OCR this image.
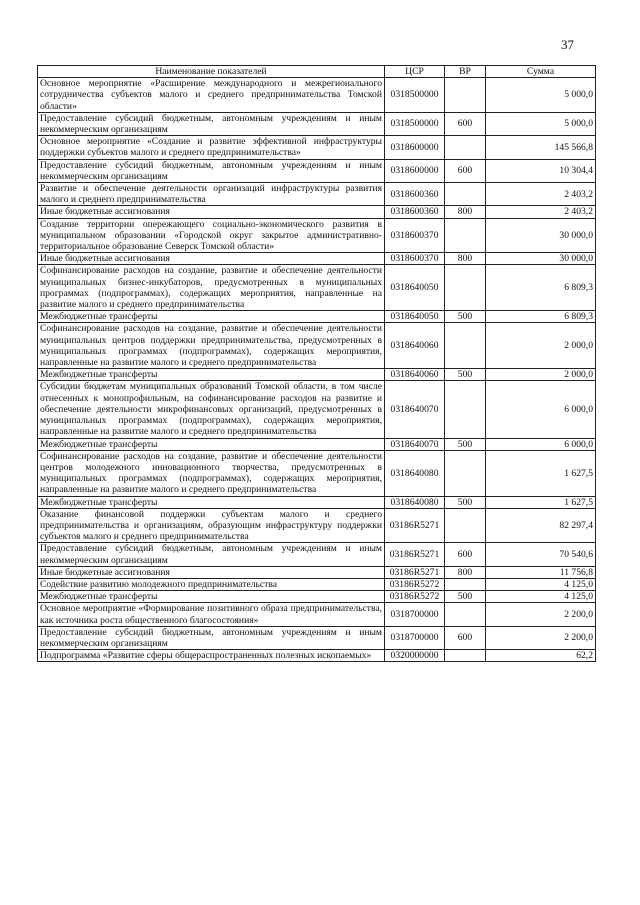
37
Наименование показателей	ЦСР	ВР	Сумма
Основное мероприятие «Расширение международного и межрегионального сотрудничества субъектов малого и среднего предпринимательства Томской области»	0318500000		5 000,0
Предоставление субсидий бюджетным, автономным учреждениям и иным некоммерческим организациям	0318500000	600	5 000,0
Основное мероприятие «Создание и развитие эффективной инфраструктуры поддержки субъектов малого и среднего предпринимательства»	0318600000		145 566,8
Предоставление субсидий бюджетным, автономным учреждениям и иным некоммерческим организациям	0318600000	600	10 304,4
Развитие и обеспечение деятельности организаций инфраструктуры развития малого и среднего предпринимательства	0318600360		2 403,2
Иные бюджетные ассигнования	0318600360	800	2 403,2
Создание территории опережающего социально-экономического развития в муниципальном образовании «Городской округ закрытое административно-территориальное образование Северск Томской области»	0318600370		30 000,0
Иные бюджетные ассигнования	0318600370	800	30 000,0
Софинансирование расходов на создание, развитие и обеспечение деятельности муниципальных бизнес-инкубаторов, предусмотренных в муниципальных программах (подпрограммах), содержащих мероприятия, направленные на развитие малого и среднего предпринимательства	0318640050		6 809,3
Межбюджетные трансферты	0318640050	500	6 809,3
Софинансирование расходов на создание, развитие и обеспечение деятельности муниципальных центров поддержки предпринимательства, предусмотренных в муниципальных программах (подпрограммах), содержащих мероприятия, направленные на развитие малого и среднего предпринимательства	0318640060		2 000,0
Межбюджетные трансферты	0318640060	500	2 000,0
Субсидии бюджетам муниципальных образований Томской области, в том числе отнесенных к монопрофильным, на софинансирование расходов на развитие и обеспечение деятельности микрофинансовых организаций, предусмотренных в муниципальных программах (подпрограммах), содержащих мероприятия, направленные на развитие малого и среднего предпринимательства	0318640070		6 000,0
Межбюджетные трансферты	0318640070	500	6 000,0
Софинансирование расходов на создание, развитие и обеспечение деятельности центров молодежного инновационного творчества, предусмотренных в муниципальных программах (подпрограммах), содержащих мероприятия, направленные на развитие малого и среднего предпринимательства	0318640080		1 627,5
Межбюджетные трансферты	0318640080	500	1 627,5
Оказание финансовой поддержки субъектам малого и среднего предпринимательства и организациям, образующим инфраструктуру поддержки субъектов малого и среднего предпринимательства	03186R5271		82 297,4
Предоставление субсидий бюджетным, автономным учреждениям и иным некоммерческим организациям	03186R5271	600	70 540,6
Иные бюджетные ассигнования	03186R5271	800	11 756,8
Содействие развитию молодежного предпринимательства	03186R5272		4 125,0
Межбюджетные трансферты	03186R5272	500	4 125,0
Основное мероприятие «Формирование позитивного образа предпринимательства, как источника роста общественного благосостояния»	0318700000		2 200,0
Предоставление субсидий бюджетным, автономным учреждениям и иным некоммерческим организациям	0318700000	600	2 200,0
Подпрограмма «Развитие сферы общераспространенных полезных ископаемых»	0320000000		62,2
